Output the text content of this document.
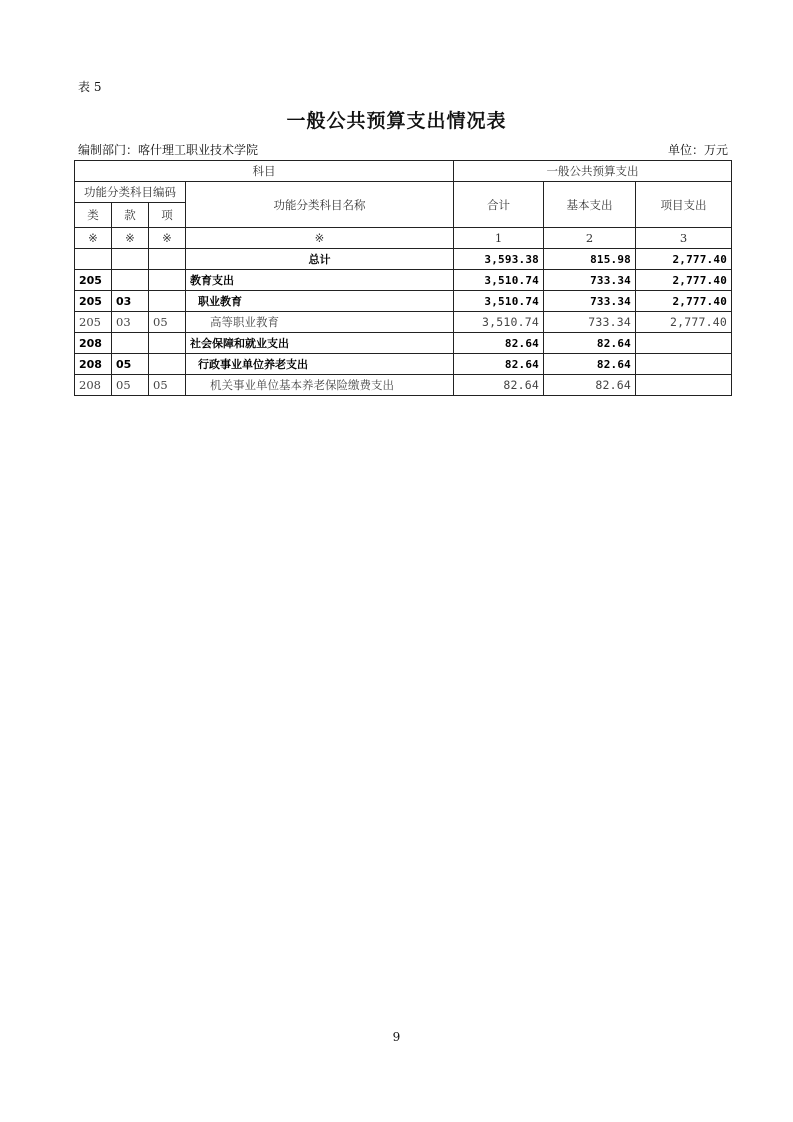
表 5
一般公共预算支出情况表
编制部门：喀什理工职业技术学院	单位：万元
科目				一般公共预算支出		
功能分类科目编码			功能分类科目名称	合计	基本支出	项目支出
类	款	项				
※	※	※	※	1	2	3
			总计	3,593.38	815.98	2,777.40
205			教育支出	3,510.74	733.34	2,777.40
205	03		职业教育	3,510.74	733.34	2,777.40
205	03	05	高等职业教育	3,510.74	733.34	2,777.40
208			社会保障和就业支出	82.64	82.64	
208	05		行政事业单位养老支出	82.64	82.64	
208	05	05	机关事业单位基本养老保险缴费支出	82.64	82.64	
9
